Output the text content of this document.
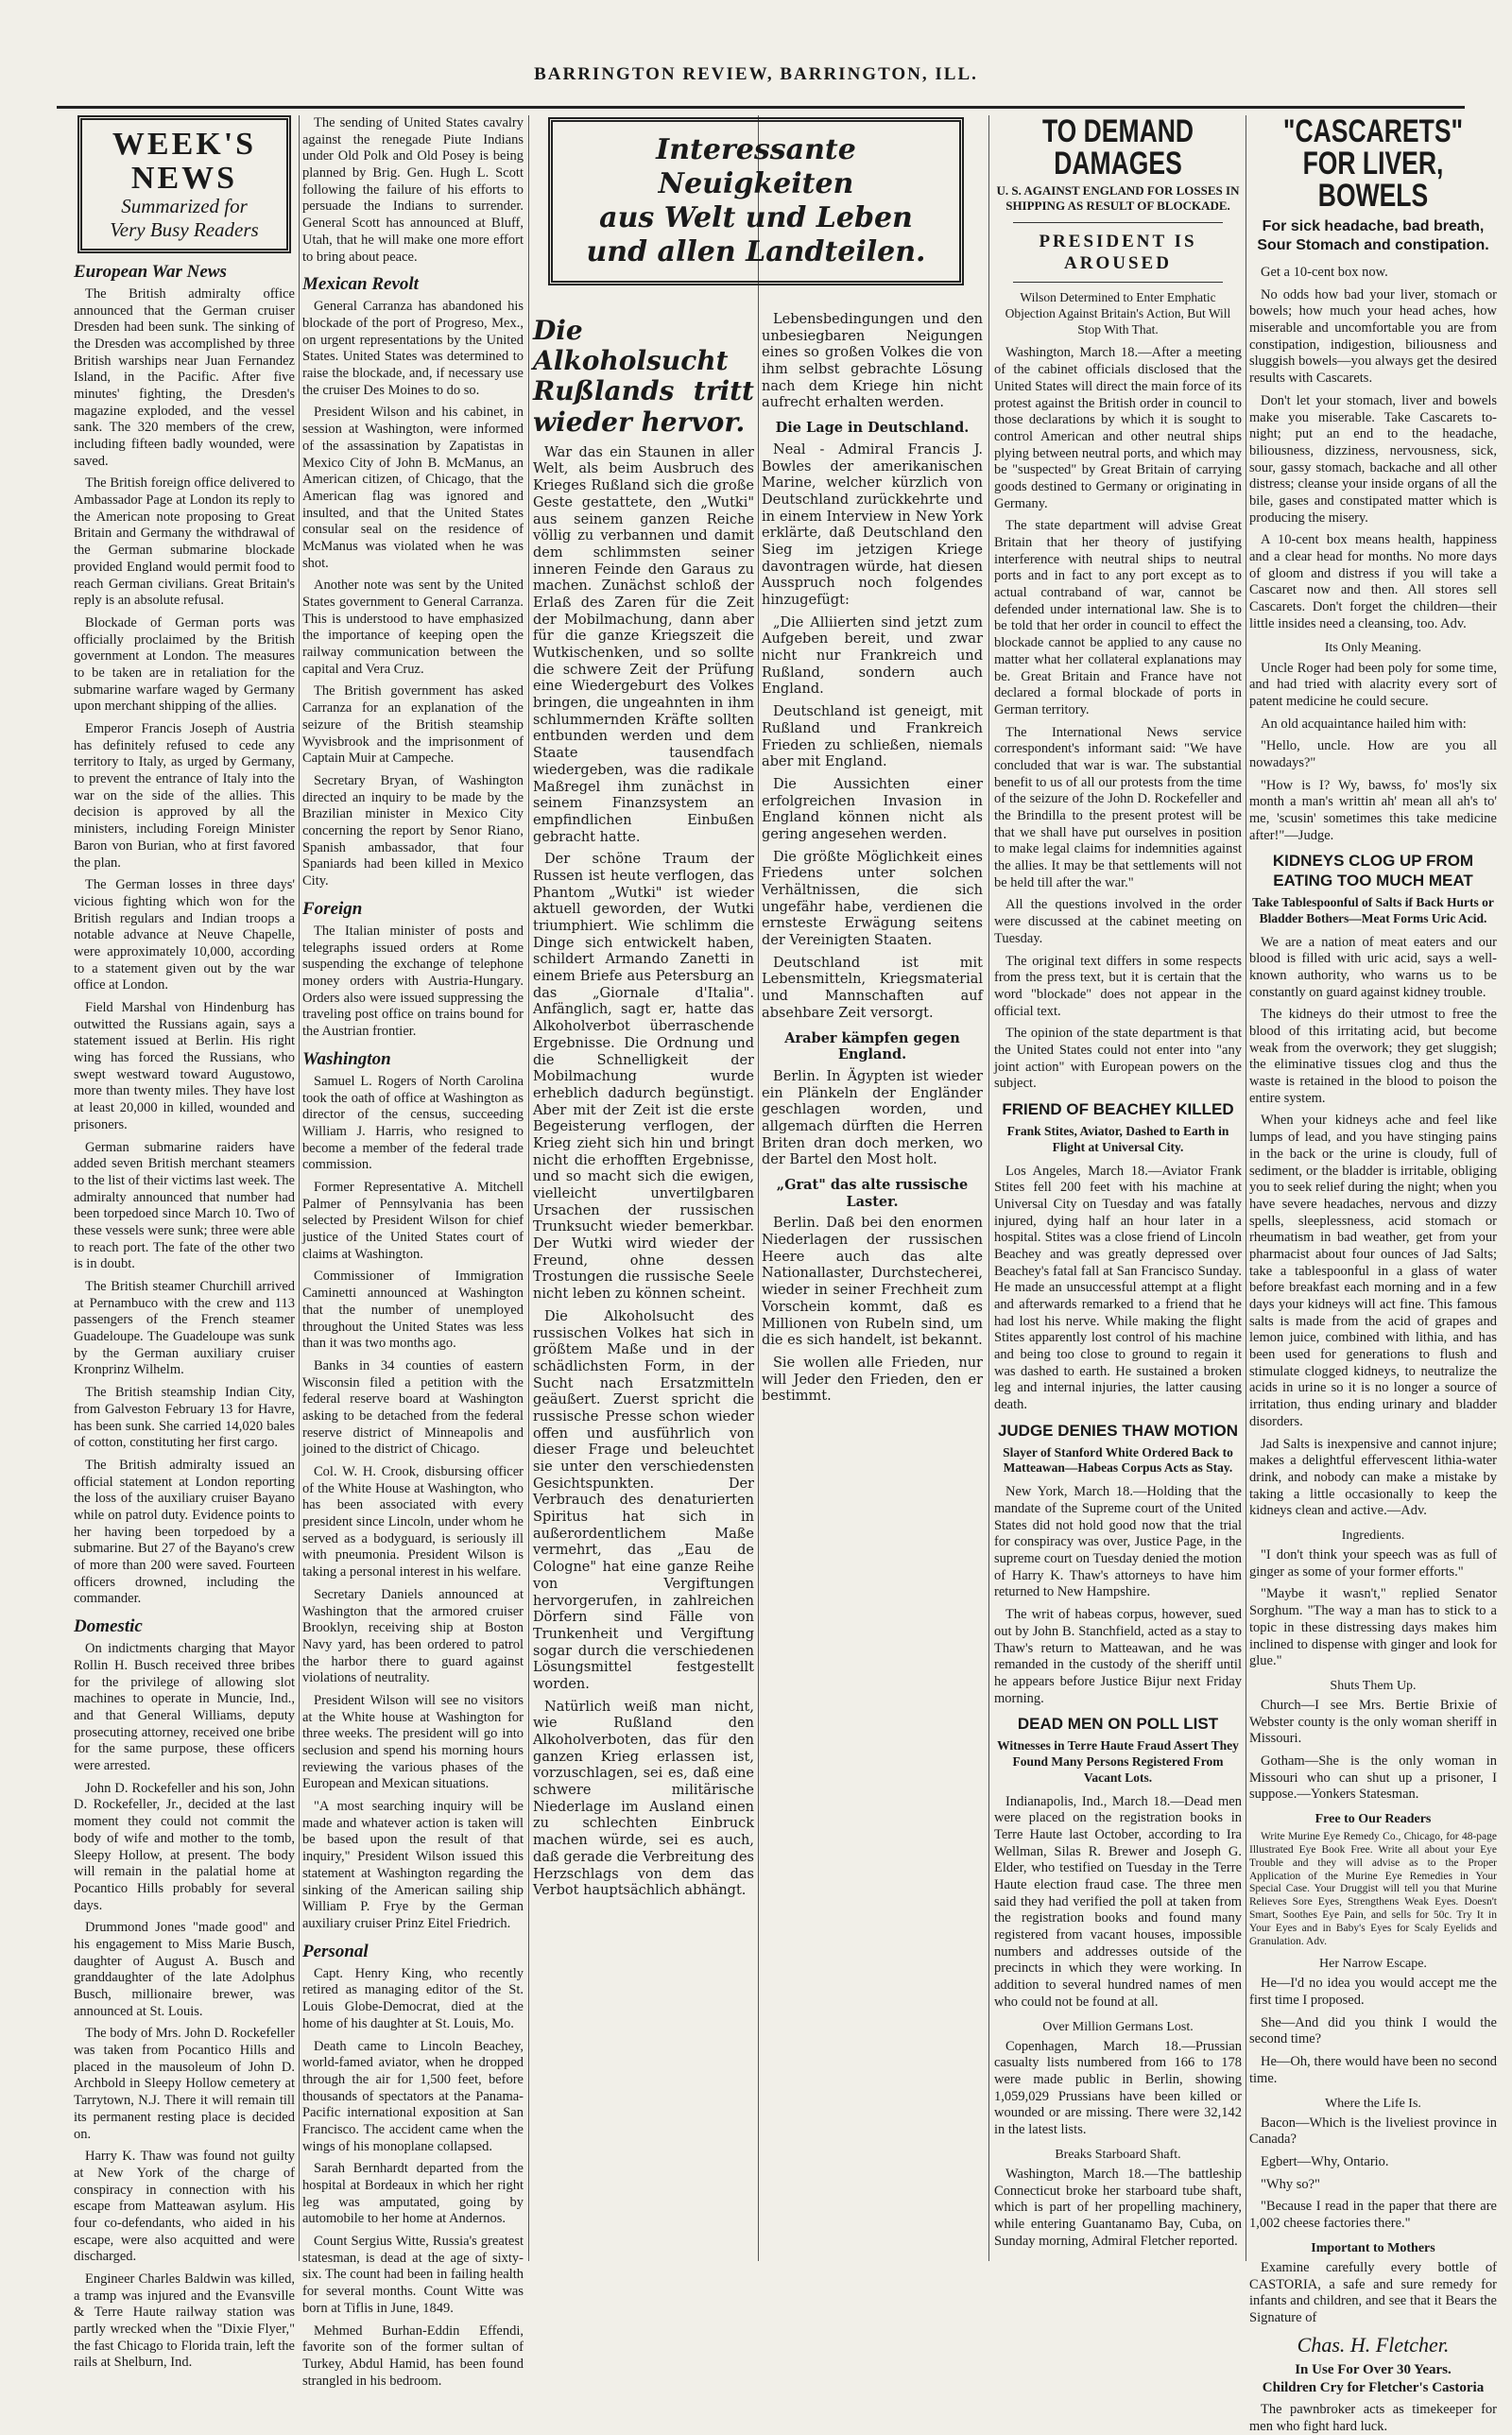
BARRINGTON REVIEW, BARRINGTON, ILL.
WEEK'S
NEWS
Summarized for
Very Busy Readers
European War News

The British admiralty office announced that the German cruiser Dresden had been sunk. The sinking of the Dresden was accomplished by three British warships near Juan Fernandez Island, in the Pacific. After five minutes' fighting, the Dresden's magazine exploded, and the vessel sank. The 320 members of the crew, including fifteen badly wounded, were saved.

The British foreign office delivered to Ambassador Page at London its reply to the American note proposing to Great Britain and Germany the withdrawal of the German submarine blockade provided England would permit food to reach German civilians. Great Britain's reply is an absolute refusal.

Blockade of German ports was officially proclaimed by the British government at London. The measures to be taken are in retaliation for the submarine warfare waged by Germany upon merchant shipping of the allies.

Emperor Francis Joseph of Austria has definitely refused to cede any territory to Italy, as urged by Germany, to prevent the entrance of Italy into the war on the side of the allies. This decision is approved by all the ministers, including Foreign Minister Baron von Burian, who at first favored the plan.

The German losses in three days' vicious fighting which won for the British regulars and Indian troops a notable advance at Neuve Chapelle, were approximately 10,000, according to a statement given out by the war office at London.

Field Marshal von Hindenburg has outwitted the Russians again, says a statement issued at Berlin. His right wing has forced the Russians, who swept westward toward Augustowo, more than twenty miles. They have lost at least 20,000 in killed, wounded and prisoners.

German submarine raiders have added seven British merchant steamers to the list of their victims last week. The admiralty announced that number had been torpedoed since March 10. Two of these vessels were sunk; three were able to reach port. The fate of the other two is in doubt.

The British steamer Churchill arrived at Pernambuco with the crew and 113 passengers of the French steamer Guadeloupe. The Guadeloupe was sunk by the German auxiliary cruiser Kronprinz Wilhelm.

The British steamship Indian City, from Galveston February 13 for Havre, has been sunk. She carried 14,020 bales of cotton, constituting her first cargo.

The British admiralty issued an official statement at London reporting the loss of the auxiliary cruiser Bayano while on patrol duty. Evidence points to her having been torpedoed by a submarine. But 27 of the Bayano's crew of more than 200 were saved. Fourteen officers drowned, including the commander.

Domestic

On indictments charging that Mayor Rollin H. Busch received three bribes for the privilege of allowing slot machines to operate in Muncie, Ind., and that General Williams, deputy prosecuting attorney, received one bribe for the same purpose, these officers were arrested.

John D. Rockefeller and his son, John D. Rockefeller, Jr., decided at the last moment they could not commit the body of wife and mother to the tomb, Sleepy Hollow, at present. The body will remain in the palatial home at Pocantico Hills probably for several days.

Drummond Jones "made good" and his engagement to Miss Marie Busch, daughter of August A. Busch and granddaughter of the late Adolphus Busch, millionaire brewer, was announced at St. Louis.

The body of Mrs. John D. Rockefeller was taken from Pocantico Hills and placed in the mausoleum of John D. Archbold in Sleepy Hollow cemetery at Tarrytown, N.J. There it will remain till its permanent resting place is decided on.

Harry K. Thaw was found not guilty at New York of the charge of conspiracy in connection with his escape from Matteawan asylum. His four co-defendants, who aided in his escape, were also acquitted and were discharged.

Engineer Charles Baldwin was killed, a tramp was injured and the Evansville & Terre Haute railway station was partly wrecked when the "Dixie Flyer," the fast Chicago to Florida train, left the rails at Shelburn, Ind.

The sending of United States cavalry against the renegade Piute Indians under Old Polk and Old Posey is being planned by Brig. Gen. Hugh L. Scott following the failure of his efforts to persuade the Indians to surrender. General Scott has announced at Bluff, Utah, that he will make one more effort to bring about peace.

Mexican Revolt

General Carranza has abandoned his blockade of the port of Progreso, Mex., on urgent representations by the United States. United States was determined to raise the blockade, and, if necessary use the cruiser Des Moines to do so.

President Wilson and his cabinet, in session at Washington, were informed of the assassination by Zapatistas in Mexico City of John B. McManus, an American citizen, of Chicago, that the American flag was ignored and insulted, and that the United States consular seal on the residence of McManus was violated when he was shot.

Another note was sent by the United States government to General Carranza. This is understood to have emphasized the importance of keeping open the railway communication between the capital and Vera Cruz.

The British government has asked Carranza for an explanation of the seizure of the British steamship Wyvisbrook and the imprisonment of Captain Muir at Campeche.

Secretary Bryan, of Washington directed an inquiry to be made by the Brazilian minister in Mexico City concerning the report by Senor Riano, Spanish ambassador, that four Spaniards had been killed in Mexico City.

Foreign

The Italian minister of posts and telegraphs issued orders at Rome suspending the exchange of telephone money orders with Austria-Hungary. Orders also were issued suppressing the traveling post office on trains bound for the Austrian frontier.

Washington

Samuel L. Rogers of North Carolina took the oath of office at Washington as director of the census, succeeding William J. Harris, who resigned to become a member of the federal trade commission.

Former Representative A. Mitchell Palmer of Pennsylvania has been selected by President Wilson for chief justice of the United States court of claims at Washington.

Commissioner of Immigration Caminetti announced at Washington that the number of unemployed throughout the United States was less than it was two months ago.

Banks in 34 counties of eastern Wisconsin filed a petition with the federal reserve board at Washington asking to be detached from the federal reserve district of Minneapolis and joined to the district of Chicago.

Col. W. H. Crook, disbursing officer of the White House at Washington, who has been associated with every president since Lincoln, under whom he served as a bodyguard, is seriously ill with pneumonia. President Wilson is taking a personal interest in his welfare.

Secretary Daniels announced at Washington that the armored cruiser Brooklyn, receiving ship at Boston Navy yard, has been ordered to patrol the harbor there to guard against violations of neutrality.

President Wilson will see no visitors at the White house at Washington for three weeks. The president will go into seclusion and spend his morning hours reviewing the various phases of the European and Mexican situations.

"A most searching inquiry will be made and whatever action is taken will be based upon the result of that inquiry," President Wilson issued this statement at Washington regarding the sinking of the American sailing ship William P. Frye by the German auxiliary cruiser Prinz Eitel Friedrich.

Personal

Capt. Henry King, who recently retired as managing editor of the St. Louis Globe-Democrat, died at the home of his daughter at St. Louis, Mo.

Death came to Lincoln Beachey, world-famed aviator, when he dropped through the air for 1,500 feet, before thousands of spectators at the Panama-Pacific international exposition at San Francisco. The accident came when the wings of his monoplane collapsed.

Sarah Bernhardt departed from the hospital at Bordeaux in which her right leg was amputated, going by automobile to her home at Andernos.

Count Sergius Witte, Russia's greatest statesman, is dead at the age of sixty-six. The count had been in failing health for several months. Count Witte was born at Tiflis in June, 1849.

Mehmed Burhan-Eddin Effendi, favorite son of the former sultan of Turkey, Abdul Hamid, has been found strangled in his bedroom.

Interessante Neuigkeiten
aus Welt und Leben
und allen Landteilen.
Die Alkoholsucht Rußlands tritt wieder hervor.

War das ein Staunen in aller Welt, als beim Ausbruch des Krieges Rußland sich die große Geste gestattete, den „Wutki" aus seinem ganzen Reiche völlig zu verbannen und damit dem schlimmsten seiner inneren Feinde den Garaus zu machen. Zunächst schloß der Erlaß des Zaren für die Zeit der Mobilmachung, dann aber für die ganze Kriegszeit die Wutkischenken, und so sollte die schwere Zeit der Prüfung eine Wiedergeburt des Volkes bringen, die ungeahnten in ihm schlummernden Kräfte sollten entbunden werden und dem Staate tausendfach wiedergeben, was die radikale Maßregel ihm zunächst in seinem Finanzsystem an empfindlichen Einbußen gebracht hatte.

Der schöne Traum der Russen ist heute verflogen, das Phantom „Wutki" ist wieder aktuell geworden, der Wutki triumphiert. Wie schlimm die Dinge sich entwickelt haben, schildert Armando Zanetti in einem Briefe aus Petersburg an das „Giornale d'Italia". Anfänglich, sagt er, hatte das Alkoholverbot überraschende Ergebnisse. Die Ordnung und die Schnelligkeit der Mobilmachung wurde erheblich dadurch begünstigt. Aber mit der Zeit ist die erste Begeisterung verflogen, der Krieg zieht sich hin und bringt nicht die erhofften Ergebnisse, und so macht sich die ewigen, vielleicht unvertilgbaren Ursachen der russischen Trunksucht wieder bemerkbar. Der Wutki wird wieder der Freund, ohne dessen Trostungen die russische Seele nicht leben zu können scheint.

Die Alkoholsucht des russischen Volkes hat sich in größtem Maße und in der schädlichsten Form, in der Sucht nach Ersatzmitteln geäußert. Zuerst spricht die russische Presse schon wieder offen und ausführlich von dieser Frage und beleuchtet sie unter den verschiedensten Gesichtspunkten. Der Verbrauch des denaturierten Spiritus hat sich in außerordentlichem Maße vermehrt, das „Eau de Cologne" hat eine ganze Reihe von Vergiftungen hervorgerufen, in zahlreichen Dörfern sind Fälle von Trunkenheit und Vergiftung sogar durch die verschiedenen Lösungsmittel festgestellt worden.

Natürlich weiß man nicht, wie Rußland den Alkoholverboten, das für den ganzen Krieg erlassen ist, vorzuschlagen, sei es, daß eine schwere militärische Niederlage im Ausland einen zu schlechten Einbruck machen würde, sei es auch, daß gerade die Verbreitung des Herzschlags von dem das Verbot hauptsächlich abhängt.

Lebensbedingungen und den unbesiegbaren Neigungen eines so großen Volkes die von ihm selbst gebrachte Lösung nach dem Kriege hin nicht aufrecht erhalten werden.

Die Lage in Deutschland.

Neal - Admiral Francis J. Bowles der amerikanischen Marine, welcher kürzlich von Deutschland zurückkehrte und in einem Interview in New York erklärte, daß Deutschland den Sieg im jetzigen Kriege davontragen würde, hat diesen Ausspruch noch folgendes hinzugefügt:

„Die Alliierten sind jetzt zum Aufgeben bereit, und zwar nicht nur Frankreich und Rußland, sondern auch England.

Deutschland ist geneigt, mit Rußland und Frankreich Frieden zu schließen, niemals aber mit England.

Die Aussichten einer erfolgreichen Invasion in England können nicht als gering angesehen werden.

Die größte Möglichkeit eines Friedens unter solchen Verhältnissen, die sich ungefähr habe, verdienen die ernsteste Erwägung seitens der Vereinigten Staaten.

Deutschland ist mit Lebensmitteln, Kriegsmaterial und Mannschaften auf absehbare Zeit versorgt.

Araber kämpfen gegen England.

Berlin. In Ägypten ist wieder ein Plänkeln der Engländer geschlagen worden, und allgemach dürften die Herren Briten dran doch merken, wo der Bartel den Most holt.

„Grat" das alte russische Laster.

Berlin. Daß bei den enormen Niederlagen der russischen Heere auch das alte Nationallaster, Durchstecherei, wieder in seiner Frechheit zum Vorschein kommt, daß es Millionen von Rubeln sind, um die es sich handelt, ist bekannt.

Sie wollen alle Frieden, nur will Jeder den Frieden, den er bestimmt.

TO DEMAND DAMAGES
U. S. AGAINST ENGLAND FOR LOSSES IN SHIPPING AS RESULT OF BLOCKADE.
PRESIDENT IS AROUSED
Wilson Determined to Enter Emphatic Objection Against Britain's Action, But Will Stop With That.

Washington, March 18.—After a meeting of the cabinet officials disclosed that the United States will direct the main force of its protest against the British order in council to those declarations by which it is sought to control American and other neutral ships plying between neutral ports, and which may be "suspected" by Great Britain of carrying goods destined to Germany or originating in Germany.

The state department will advise Great Britain that her theory of justifying interference with neutral ships to neutral ports and in fact to any port except as to actual contraband of war, cannot be defended under international law. She is to be told that her order in council to effect the blockade cannot be applied to any cause no matter what her collateral explanations may be. Great Britain and France have not declared a formal blockade of ports in German territory.

The International News service correspondent's informant said: "We have concluded that war is war. The substantial benefit to us of all our protests from the time of the seizure of the John D. Rockefeller and the Brindilla to the present protest will be that we shall have put ourselves in position to make legal claims for indemnities against the allies. It may be that settlements will not be held till after the war."

All the questions involved in the order were discussed at the cabinet meeting on Tuesday.

The original text differs in some respects from the press text, but it is certain that the word "blockade" does not appear in the official text.

The opinion of the state department is that the United States could not enter into "any joint action" with European powers on the subject.

FRIEND OF BEACHEY KILLED
Frank Stites, Aviator, Dashed to Earth in Flight at Universal City.

Los Angeles, March 18.—Aviator Frank Stites fell 200 feet with his machine at Universal City on Tuesday and was fatally injured, dying half an hour later in a hospital. Stites was a close friend of Lincoln Beachey and was greatly depressed over Beachey's fatal fall at San Francisco Sunday. He made an unsuccessful attempt at a flight and afterwards remarked to a friend that he had lost his nerve. While making the flight Stites apparently lost control of his machine and being too close to ground to regain it was dashed to earth. He sustained a broken leg and internal injuries, the latter causing death.

JUDGE DENIES THAW MOTION
Slayer of Stanford White Ordered Back to Matteawan—Habeas Corpus Acts as Stay.

New York, March 18.—Holding that the mandate of the Supreme court of the United States did not hold good now that the trial for conspiracy was over, Justice Page, in the supreme court on Tuesday denied the motion of Harry K. Thaw's attorneys to have him returned to New Hampshire.

The writ of habeas corpus, however, sued out by John B. Stanchfield, acted as a stay to Thaw's return to Matteawan, and he was remanded in the custody of the sheriff until he appears before Justice Bijur next Friday morning.

DEAD MEN ON POLL LIST
Witnesses in Terre Haute Fraud Assert They Found Many Persons Registered From Vacant Lots.

Indianapolis, Ind., March 18.—Dead men were placed on the registration books in Terre Haute last October, according to Ira Wellman, Silas R. Brewer and Joseph G. Elder, who testified on Tuesday in the Terre Haute election fraud case. The three men said they had verified the poll at taken from the registration books and found many registered from vacant houses, impossible numbers and addresses outside of the precincts in which they were working. In addition to several hundred names of men who could not be found at all.

Over Million Germans Lost.

Copenhagen, March 18.—Prussian casualty lists numbered from 166 to 178 were made public in Berlin, showing 1,059,029 Prussians have been killed or wounded or are missing. There were 32,142 in the latest lists.

Breaks Starboard Shaft.

Washington, March 18.—The battleship Connecticut broke her starboard tube shaft, which is part of her propelling machinery, while entering Guantanamo Bay, Cuba, on Sunday morning, Admiral Fletcher reported.

"CASCARETS" FOR LIVER, BOWELS
For sick headache, bad breath, Sour Stomach and constipation.

Get a 10-cent box now.

No odds how bad your liver, stomach or bowels; how much your head aches, how miserable and uncomfortable you are from constipation, indigestion, biliousness and sluggish bowels—you always get the desired results with Cascarets.

Don't let your stomach, liver and bowels make you miserable. Take Cascarets to-night; put an end to the headache, biliousness, dizziness, nervousness, sick, sour, gassy stomach, backache and all other distress; cleanse your inside organs of all the bile, gases and constipated matter which is producing the misery.

A 10-cent box means health, happiness and a clear head for months. No more days of gloom and distress if you will take a Cascaret now and then. All stores sell Cascarets. Don't forget the children—their little insides need a cleansing, too. Adv.

Its Only Meaning.

Uncle Roger had been poly for some time, and had tried with alacrity every sort of patent medicine he could secure.

An old acquaintance hailed him with:

"Hello, uncle. How are you all nowadays?"

"How is I? Wy, bawss, fo' mos'ly six month a man's writtin ah' mean all ah's to' me, 'scusin' sometimes this take medicine after!"—Judge.

KIDNEYS CLOG UP FROM EATING TOO MUCH MEAT
Take Tablespoonful of Salts if Back Hurts or Bladder Bothers—Meat Forms Uric Acid.

We are a nation of meat eaters and our blood is filled with uric acid, says a well-known authority, who warns us to be constantly on guard against kidney trouble.

The kidneys do their utmost to free the blood of this irritating acid, but become weak from the overwork; they get sluggish; the eliminative tissues clog and thus the waste is retained in the blood to poison the entire system.

When your kidneys ache and feel like lumps of lead, and you have stinging pains in the back or the urine is cloudy, full of sediment, or the bladder is irritable, obliging you to seek relief during the night; when you have severe headaches, nervous and dizzy spells, sleeplessness, acid stomach or rheumatism in bad weather, get from your pharmacist about four ounces of Jad Salts; take a tablespoonful in a glass of water before breakfast each morning and in a few days your kidneys will act fine. This famous salts is made from the acid of grapes and lemon juice, combined with lithia, and has been used for generations to flush and stimulate clogged kidneys, to neutralize the acids in urine so it is no longer a source of irritation, thus ending urinary and bladder disorders.

Jad Salts is inexpensive and cannot injure; makes a delightful effervescent lithia-water drink, and nobody can make a mistake by taking a little occasionally to keep the kidneys clean and active.—Adv.

Ingredients.

"I don't think your speech was as full of ginger as some of your former efforts."

"Maybe it wasn't," replied Senator Sorghum. "The way a man has to stick to a topic in these distressing days makes him inclined to dispense with ginger and look for glue."

Shuts Them Up.

Church—I see Mrs. Bertie Brixie of Webster county is the only woman sheriff in Missouri.

Gotham—She is the only woman in Missouri who can shut up a prisoner, I suppose.—Yonkers Statesman.

Free to Our Readers

Write Murine Eye Remedy Co., Chicago, for 48-page Illustrated Eye Book Free. Write all about your Eye Trouble and they will advise as to the Proper Application of the Murine Eye Remedies in Your Special Case. Your Druggist will tell you that Murine Relieves Sore Eyes, Strengthens Weak Eyes. Doesn't Smart, Soothes Eye Pain, and sells for 50c. Try It in Your Eyes and in Baby's Eyes for Scaly Eyelids and Granulation. Adv.

Her Narrow Escape.

He—I'd no idea you would accept me the first time I proposed.

She—And did you think I would the second time?

He—Oh, there would have been no second time.

Where the Life Is.

Bacon—Which is the liveliest province in Canada?

Egbert—Why, Ontario.

"Why so?"

"Because I read in the paper that there are 1,002 cheese factories there."

Important to Mothers

Examine carefully every bottle of CASTORIA, a safe and sure remedy for infants and children, and see that it Bears the Signature of

Chas. H. Fletcher.
In Use For Over 30 Years.
Children Cry for Fletcher's Castoria

The pawnbroker acts as timekeeper for men who fight hard luck.
